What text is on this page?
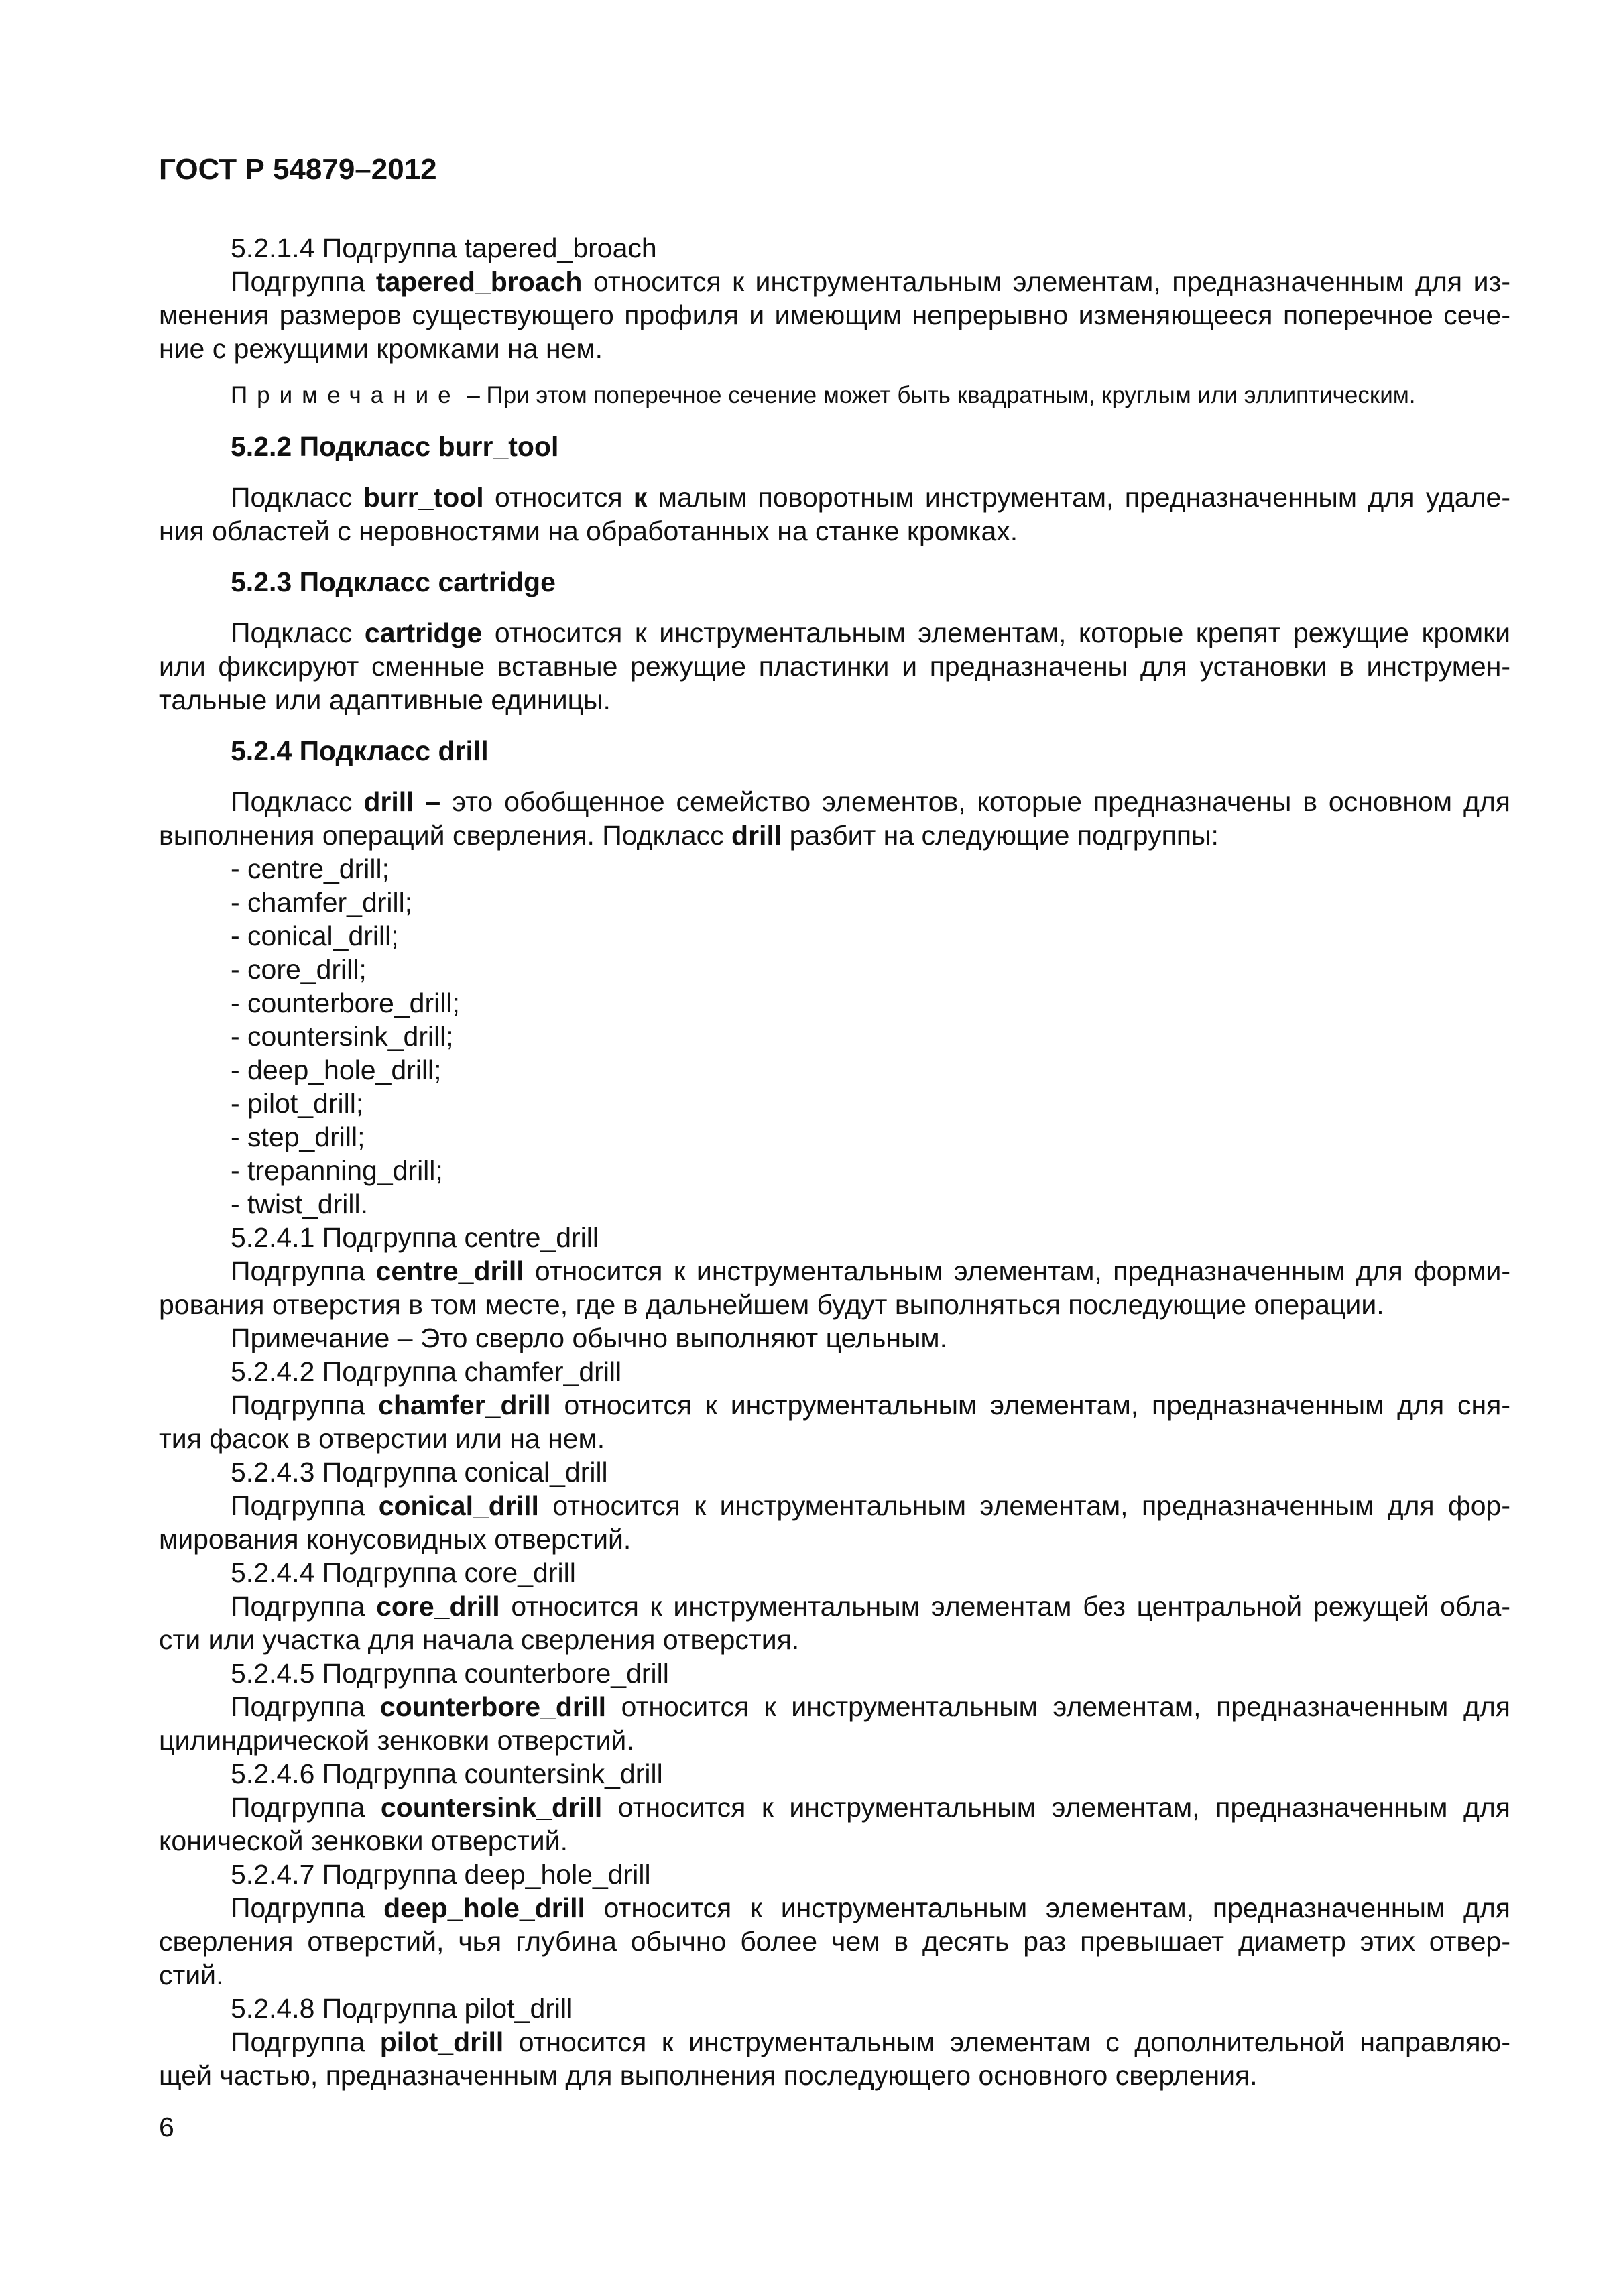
ГОСТ Р 54879–2012
5.2.1.4 Подгруппа tapered_broach
Подгруппа tapered_broach относится к инструментальным элементам, предназначенным для из-
менения размеров существующего профиля и имеющим непрерывно изменяющееся поперечное сече-
ние с режущими кромками на нем.
Примечание – При этом поперечное сечение может быть квадратным, круглым или эллиптическим.
5.2.2 Подкласс burr_tool
Подкласс burr_tool относится к малым поворотным инструментам, предназначенным для удале-
ния областей с неровностями на обработанных на станке кромках.
5.2.3 Подкласс cartridge
Подкласс cartridge относится к инструментальным элементам, которые крепят режущие кромки
или фиксируют сменные вставные режущие пластинки и предназначены для установки в инструмен-
тальные или адаптивные единицы.
5.2.4 Подкласс drill
Подкласс drill – это обобщенное семейство элементов, которые предназначены в основном для
выполнения операций сверления. Подкласс drill разбит на следующие подгруппы:
- centre_drill;
- chamfer_drill;
- conical_drill;
- core_drill;
- counterbore_drill;
- countersink_drill;
- deep_hole_drill;
- pilot_drill;
- step_drill;
- trepanning_drill;
- twist_drill.
5.2.4.1 Подгруппа centre_drill
Подгруппа centre_drill относится к инструментальным элементам, предназначенным для форми-
рования отверстия в том месте, где в дальнейшем будут выполняться последующие операции.
Примечание – Это сверло обычно выполняют цельным.
5.2.4.2 Подгруппа chamfer_drill
Подгруппа chamfer_drill относится к инструментальным элементам, предназначенным для сня-
тия фасок в отверстии или на нем.
5.2.4.3 Подгруппа conical_drill
Подгруппа conical_drill относится к инструментальным элементам, предназначенным для фор-
мирования конусовидных отверстий.
5.2.4.4 Подгруппа core_drill
Подгруппа core_drill относится к инструментальным элементам без центральной режущей обла-
сти или участка для начала сверления отверстия.
5.2.4.5 Подгруппа counterbore_drill
Подгруппа counterbore_drill относится к инструментальным элементам, предназначенным для
цилиндрической зенковки отверстий.
5.2.4.6 Подгруппа countersink_drill
Подгруппа countersink_drill относится к инструментальным элементам, предназначенным для
конической зенковки отверстий.
5.2.4.7 Подгруппа deep_hole_drill
Подгруппа deep_hole_drill относится к инструментальным элементам, предназначенным для
сверления отверстий, чья глубина обычно более чем в десять раз превышает диаметр этих отвер-
стий.
5.2.4.8 Подгруппа pilot_drill
Подгруппа pilot_drill относится к инструментальным элементам с дополнительной направляю-
щей частью, предназначенным для выполнения последующего основного сверления.
6
